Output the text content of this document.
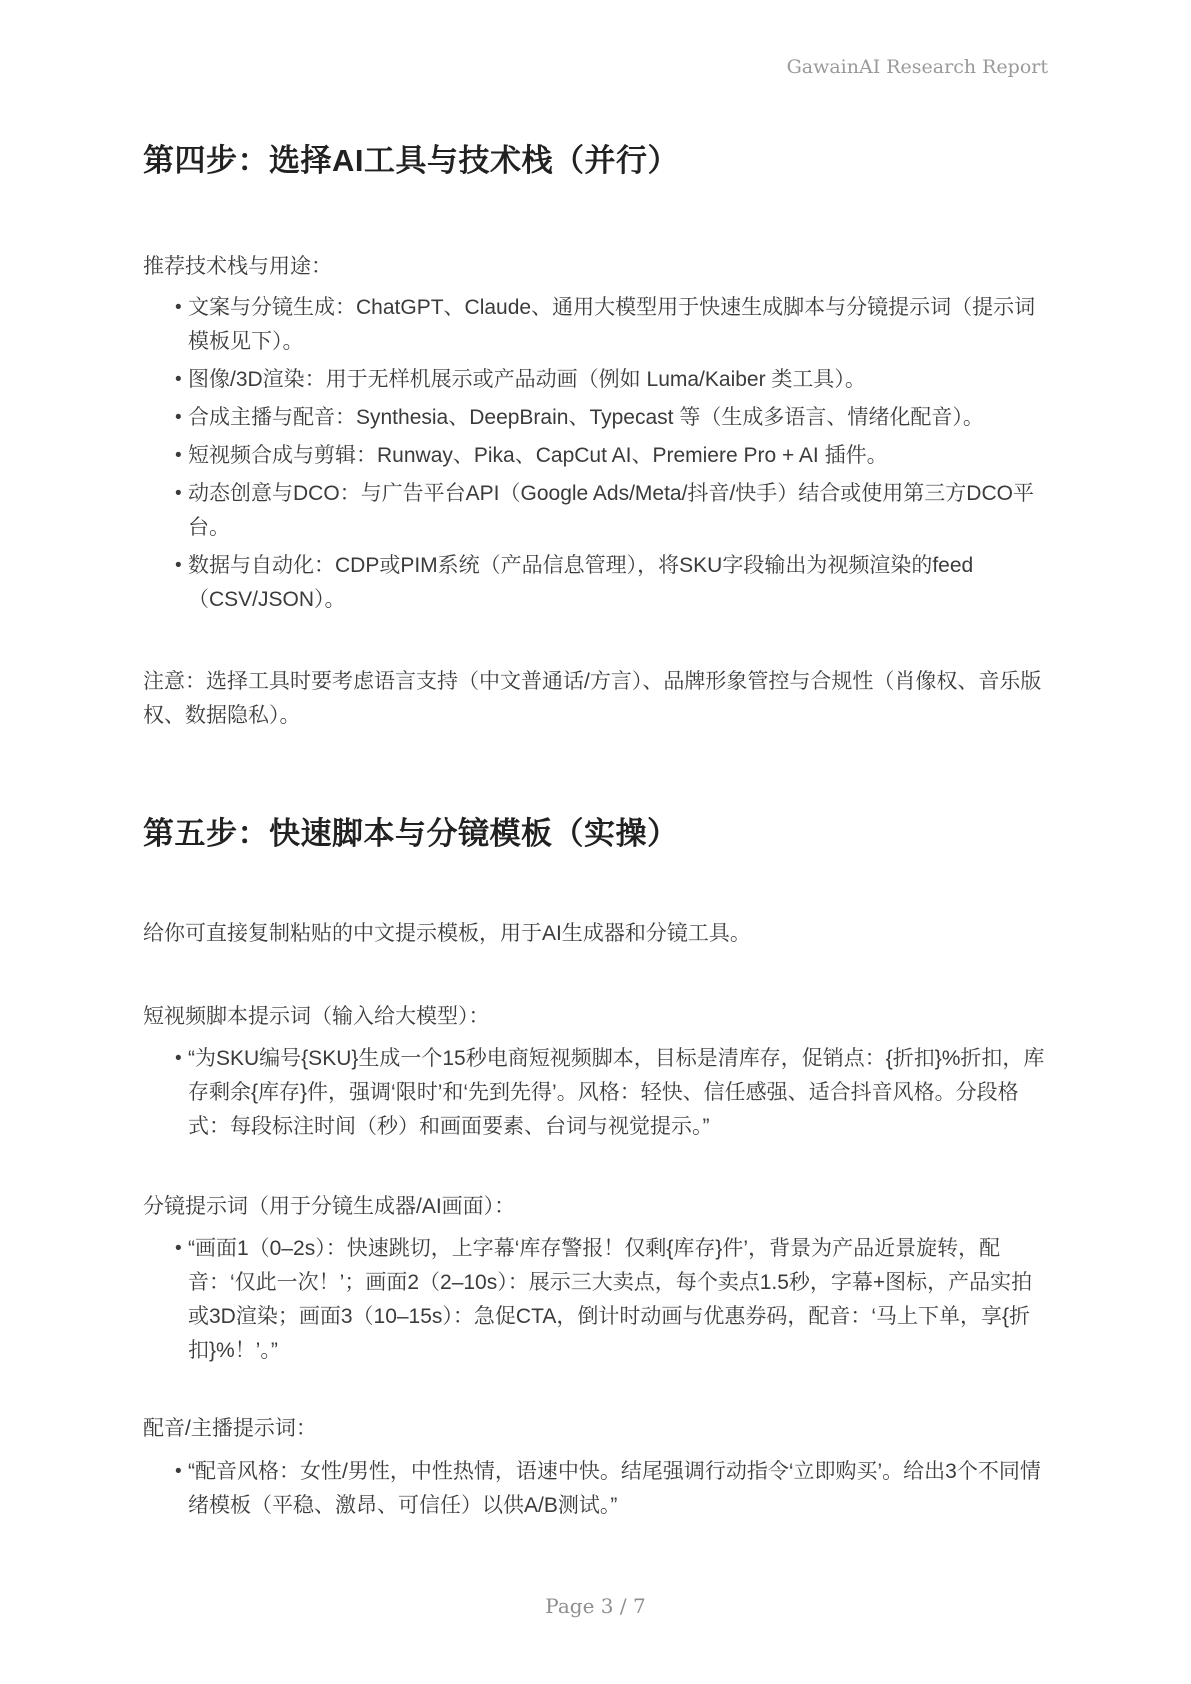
GawainAI Research Report
第四步：选择AI工具与技术栈（并行）

推荐技术栈与用途：

• 文案与分镜生成：ChatGPT、Claude、通用大模型用于快速生成脚本与分镜提示词（提示词模板见下）。
• 图像/3D渲染：用于无样机展示或产品动画（例如 Luma/Kaiber 类工具）。
• 合成主播与配音：Synthesia、DeepBrain、Typecast 等（生成多语言、情绪化配音）。
• 短视频合成与剪辑：Runway、Pika、CapCut AI、Premiere Pro + AI 插件。
• 动态创意与DCO：与广告平台API（Google Ads/Meta/抖音/快手）结合或使用第三方DCO平台。
• 数据与自动化：CDP或PIM系统（产品信息管理），将SKU字段输出为视频渲染的feed（CSV/JSON）。

注意：选择工具时要考虑语言支持（中文普通话/方言）、品牌形象管控与合规性（肖像权、音乐版权、数据隐私）。

第五步：快速脚本与分镜模板（实操）

给你可直接复制粘贴的中文提示模板，用于AI生成器和分镜工具。

短视频脚本提示词（输入给大模型）：

• “为SKU编号{SKU}生成一个15秒电商短视频脚本，目标是清库存，促销点：{折扣}%折扣，库存剩余{库存}件，强调‘限时’和‘先到先得’。风格：轻快、信任感强、适合抖音风格。分段格式：每段标注时间（秒）和画面要素、台词与视觉提示。”

分镜提示词（用于分镜生成器/AI画面）：

• “画面1（0–2s）：快速跳切，上字幕‘库存警报！仅剩{库存}件’，背景为产品近景旋转，配音：‘仅此一次！’；画面2（2–10s）：展示三大卖点，每个卖点1.5秒，字幕+图标，产品实拍或3D渲染；画面3（10–15s）：急促CTA，倒计时动画与优惠券码，配音：‘马上下单，享{折扣}%！’。”

配音/主播提示词：

• “配音风格：女性/男性，中性热情，语速中快。结尾强调行动指令‘立即购买’。给出3个不同情绪模板（平稳、激昂、可信任）以供A/B测试。”
Page 3 / 7
